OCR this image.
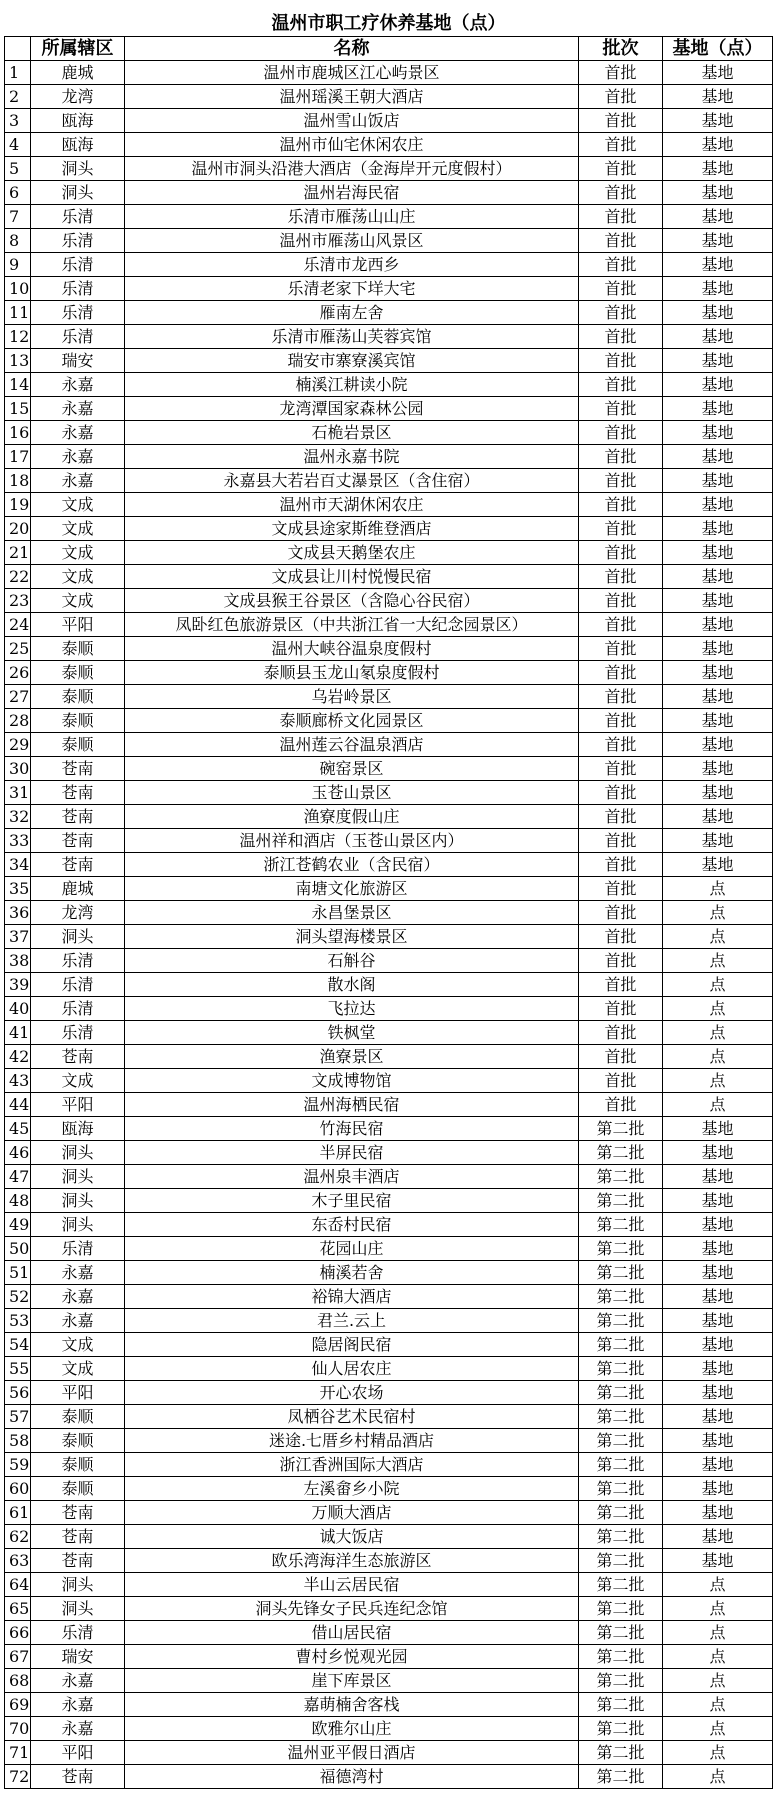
温州市职工疗休养基地（点）				
	所属辖区	名称	批次	基地（点）
1	鹿城	温州市鹿城区江心屿景区	首批	基地
2	龙湾	温州瑶溪王朝大酒店	首批	基地
3	瓯海	温州雪山饭店	首批	基地
4	瓯海	温州市仙宅休闲农庄	首批	基地
5	洞头	温州市洞头沿港大酒店（金海岸开元度假村）	首批	基地
6	洞头	温州岩海民宿	首批	基地
7	乐清	乐清市雁荡山山庄	首批	基地
8	乐清	温州市雁荡山风景区	首批	基地
9	乐清	乐清市龙西乡	首批	基地
10	乐清	乐清老家下垟大宅	首批	基地
11	乐清	雁南左舍	首批	基地
12	乐清	乐清市雁荡山芙蓉宾馆	首批	基地
13	瑞安	瑞安市寨寮溪宾馆	首批	基地
14	永嘉	楠溪江耕读小院	首批	基地
15	永嘉	龙湾潭国家森林公园	首批	基地
16	永嘉	石桅岩景区	首批	基地
17	永嘉	温州永嘉书院	首批	基地
18	永嘉	永嘉县大若岩百丈瀑景区（含住宿）	首批	基地
19	文成	温州市天湖休闲农庄	首批	基地
20	文成	文成县途家斯维登酒店	首批	基地
21	文成	文成县天鹅堡农庄	首批	基地
22	文成	文成县让川村悦慢民宿	首批	基地
23	文成	文成县猴王谷景区（含隐心谷民宿）	首批	基地
24	平阳	凤卧红色旅游景区（中共浙江省一大纪念园景区）	首批	基地
25	泰顺	温州大峡谷温泉度假村	首批	基地
26	泰顺	泰顺县玉龙山氡泉度假村	首批	基地
27	泰顺	乌岩岭景区	首批	基地
28	泰顺	泰顺廊桥文化园景区	首批	基地
29	泰顺	温州莲云谷温泉酒店	首批	基地
30	苍南	碗窑景区	首批	基地
31	苍南	玉苍山景区	首批	基地
32	苍南	渔寮度假山庄	首批	基地
33	苍南	温州祥和酒店（玉苍山景区内）	首批	基地
34	苍南	浙江苍鹤农业（含民宿）	首批	基地
35	鹿城	南塘文化旅游区	首批	点
36	龙湾	永昌堡景区	首批	点
37	洞头	洞头望海楼景区	首批	点
38	乐清	石斛谷	首批	点
39	乐清	散水阁	首批	点
40	乐清	飞拉达	首批	点
41	乐清	铁枫堂	首批	点
42	苍南	渔寮景区	首批	点
43	文成	文成博物馆	首批	点
44	平阳	温州海栖民宿	首批	点
45	瓯海	竹海民宿	第二批	基地
46	洞头	半屏民宿	第二批	基地
47	洞头	温州泉丰酒店	第二批	基地
48	洞头	木子里民宿	第二批	基地
49	洞头	东岙村民宿	第二批	基地
50	乐清	花园山庄	第二批	基地
51	永嘉	楠溪若舍	第二批	基地
52	永嘉	裕锦大酒店	第二批	基地
53	永嘉	君兰.云上	第二批	基地
54	文成	隐居阁民宿	第二批	基地
55	文成	仙人居农庄	第二批	基地
56	平阳	开心农场	第二批	基地
57	泰顺	凤栖谷艺术民宿村	第二批	基地
58	泰顺	迷途.七厝乡村精品酒店	第二批	基地
59	泰顺	浙江香洲国际大酒店	第二批	基地
60	泰顺	左溪畲乡小院	第二批	基地
61	苍南	万顺大酒店	第二批	基地
62	苍南	诚大饭店	第二批	基地
63	苍南	欧乐湾海洋生态旅游区	第二批	基地
64	洞头	半山云居民宿	第二批	点
65	洞头	洞头先锋女子民兵连纪念馆	第二批	点
66	乐清	借山居民宿	第二批	点
67	瑞安	曹村乡悦观光园	第二批	点
68	永嘉	崖下库景区	第二批	点
69	永嘉	嘉萌楠舍客栈	第二批	点
70	永嘉	欧雅尔山庄	第二批	点
71	平阳	温州亚平假日酒店	第二批	点
72	苍南	福德湾村	第二批	点
